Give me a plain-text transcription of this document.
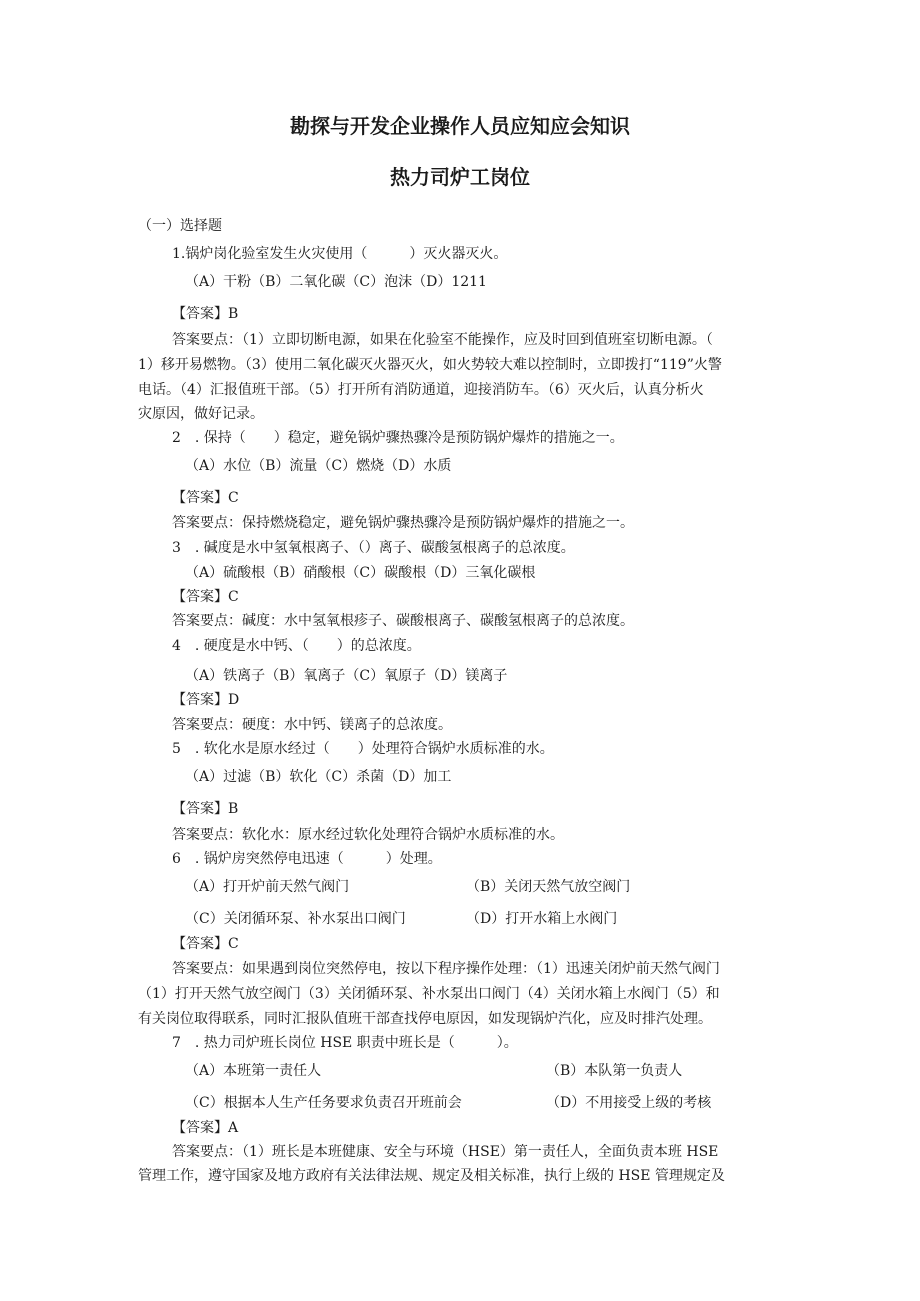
勘探与开发企业操作人员应知应会知识
热力司炉工岗位
（一）选择题
1.锅炉岗化验室发生火灾使用（　　　）灭火器灭火。
（A）干粉（B）二氧化碳（C）泡沫（D）1211
【答案】B
答案要点：（1）立即切断电源，如果在化验室不能操作，应及时回到值班室切断电源。（
1）移开易燃物。（3）使用二氧化碳灭火器灭火，如火势较大难以控制时，立即拨打“119”火警
电话。（4）汇报值班干部。（5）打开所有消防通道，迎接消防车。（6）灭火后，认真分析火
灾原因，做好记录。
2　. 保持（　　）稳定，避免锅炉骤热骤冷是预防锅炉爆炸的措施之一。
（A）水位（B）流量（C）燃烧（D）水质
【答案】C
答案要点：保持燃烧稳定，避免锅炉骤热骤冷是预防锅炉爆炸的措施之一。
3　. 碱度是水中氢氧根离子、（）离子、碳酸氢根离子的总浓度。
（A）硫酸根（B）硝酸根（C）碳酸根（D）三氧化碳根
【答案】C
答案要点：碱度：水中氢氧根疹子、碳酸根离子、碳酸氢根离子的总浓度。
4　. 硬度是水中钙、（　　）的总浓度。
（A）铁离子（B）氧离子（C）氧原子（D）镁离子
【答案】D
答案要点：硬度：水中钙、镁离子的总浓度。
5　. 软化水是原水经过（　　）处理符合锅炉水质标准的水。
（A）过滤（B）软化（C）杀菌（D）加工
【答案】B
答案要点：软化水：原水经过软化处理符合锅炉水质标准的水。
6　. 锅炉房突然停电迅速（　　　）处理。
（A）打开炉前天然气阀门	（B）关闭天然气放空阀门
（C）关闭循环泵、补水泵出口阀门	（D）打开水箱上水阀门
【答案】C
答案要点：如果遇到岗位突然停电，按以下程序操作处理：（1）迅速关闭炉前天然气阀门
（1）打开天然气放空阀门（3）关闭循环泵、补水泵出口阀门（4）关闭水箱上水阀门（5）和
有关岗位取得联系，同时汇报队值班干部查找停电原因，如发现锅炉汽化，应及时排汽处理。
7　. 热力司炉班长岗位 HSE 职责中班长是（　　　）。
（A）本班第一责任人	（B）本队第一负责人
（C）根据本人生产任务要求负责召开班前会	（D）不用接受上级的考核
【答案】A
答案要点：（1）班长是本班健康、安全与环境（HSE）第一责任人，全面负责本班 HSE
管理工作，遵守国家及地方政府有关法律法规、规定及相关标准，执行上级的 HSE 管理规定及
